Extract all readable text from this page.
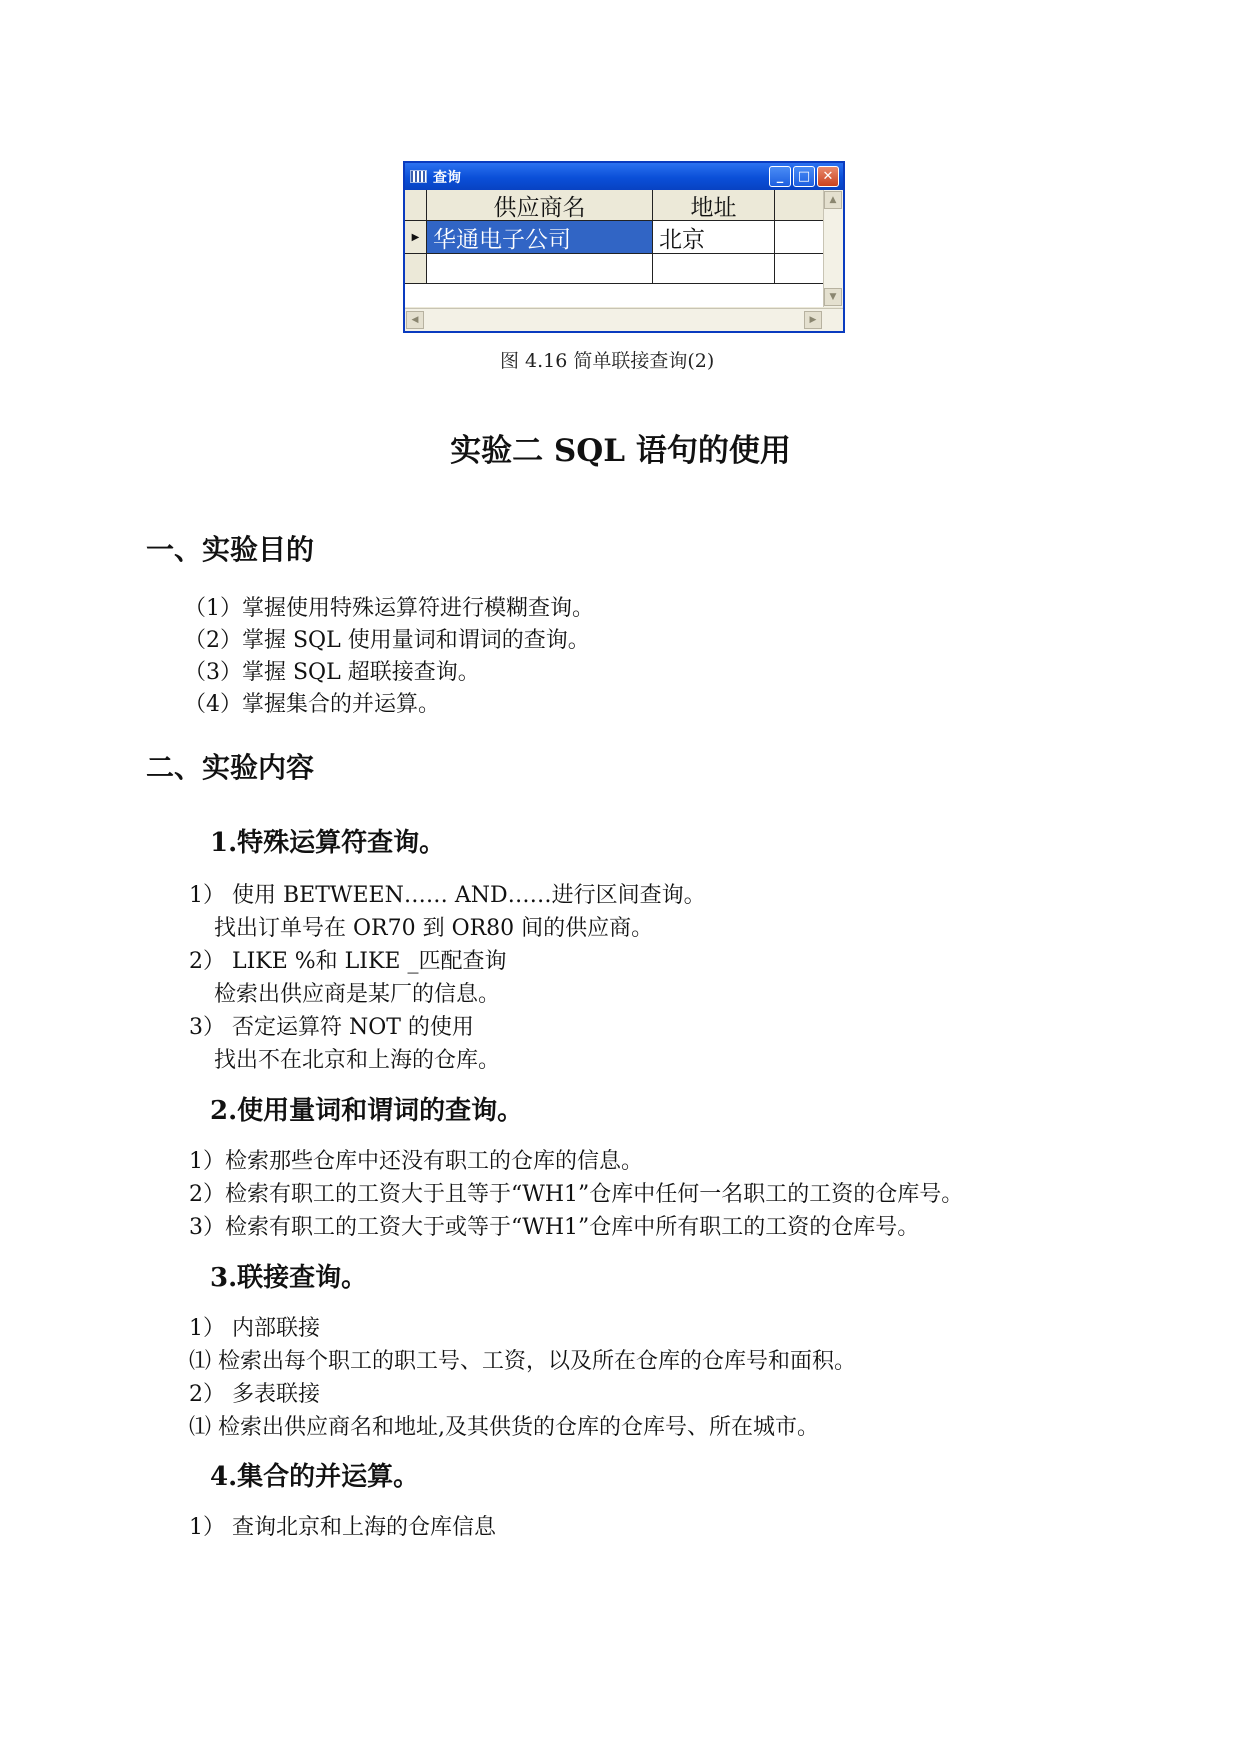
查询	_	□ ✕
供应商名	地址
▶ 华通电子公司	北京
▲
▼
◀	▶
图 4.16 简单联接查询(2)
实验二 SQL 语句的使用
一、实验目的
（1）掌握使用特殊运算符进行模糊查询。
（2）掌握 SQL 使用量词和谓词的查询。
（3）掌握 SQL 超联接查询。
（4）掌握集合的并运算。
二、实验内容
1.特殊运算符查询。
1） 使用 BETWEEN…… AND……进行区间查询。
找出订单号在 OR70 到 OR80 间的供应商。
2） LIKE %和 LIKE _匹配查询
检索出供应商是某厂的信息。
3） 否定运算符 NOT 的使用
找出不在北京和上海的仓库。
2.使用量词和谓词的查询。
1）检索那些仓库中还没有职工的仓库的信息。
2）检索有职工的工资大于且等于“WH1”仓库中任何一名职工的工资的仓库号。
3）检索有职工的工资大于或等于“WH1”仓库中所有职工的工资的仓库号。
3.联接查询。
1） 内部联接
⑴ 检索出每个职工的职工号、工资，以及所在仓库的仓库号和面积。
2） 多表联接
⑴ 检索出供应商名和地址,及其供货的仓库的仓库号、所在城市。
4.集合的并运算。
1） 查询北京和上海的仓库信息
